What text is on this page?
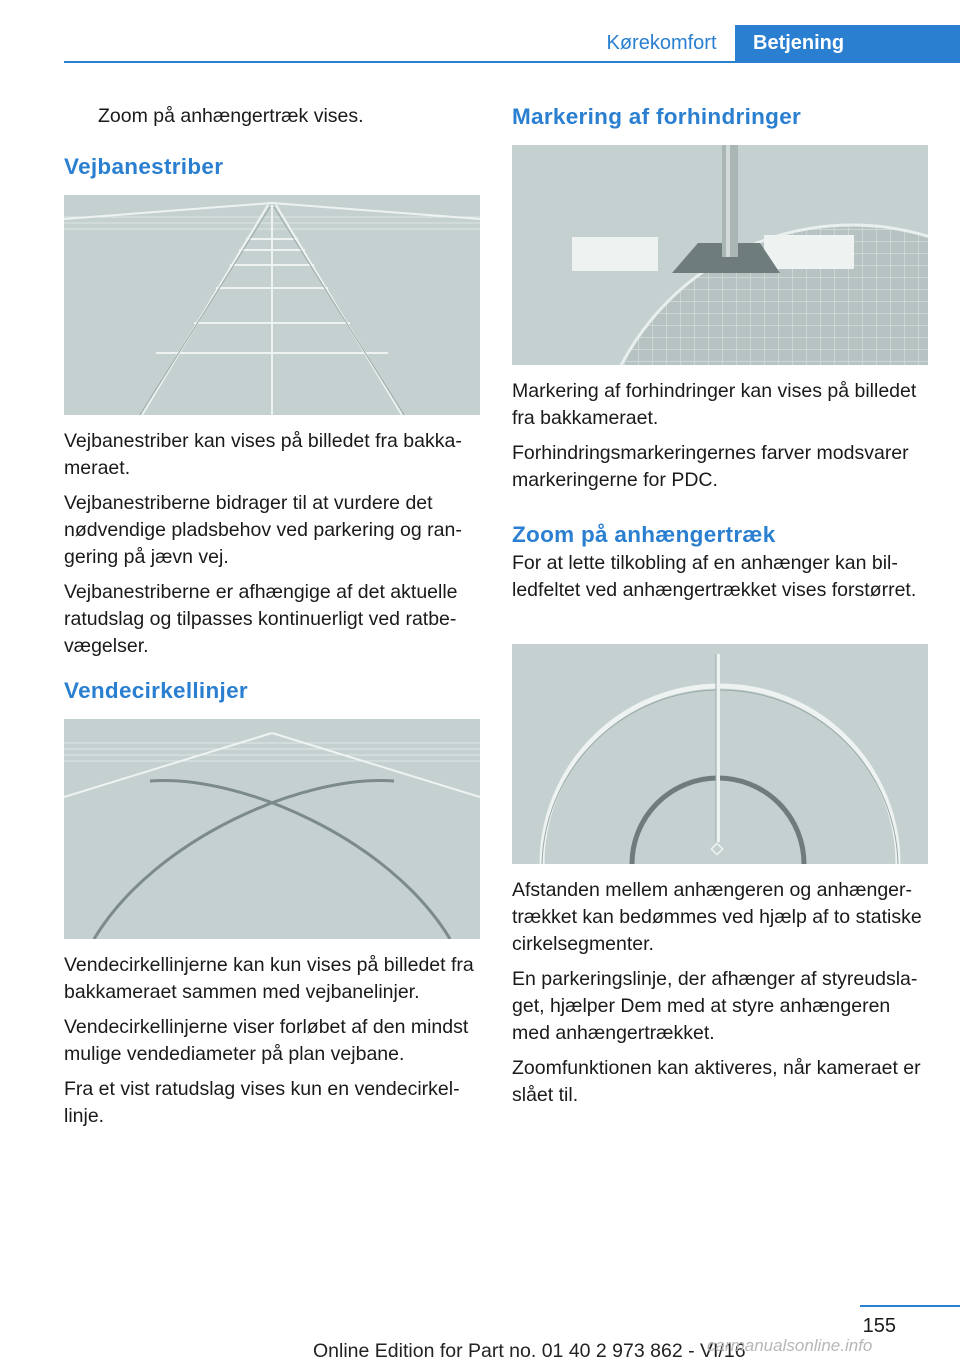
Kørekomfort	Betjening
Zoom på anhængertræk vises.
Vejbanestriber

Vejbanestriber kan vises på billedet fra bakkameraet.

Vejbanestriberne bidrager til at vurdere det nødvendige pladsbehov ved parkering og rangering på jævn vej.

Vejbanestriberne er afhængige af det aktuelle ratudslag og tilpasses kontinuerligt ved ratbevægelser.

Vendecirkellinjer

Vendecirkellinjerne kan kun vises på billedet fra bakkameraet sammen med vejbanelinjer.

Vendecirkellinjerne viser forløbet af den mindst mulige vendediameter på plan vejbane.

Fra et vist ratudslag vises kun en vendecirkellinje.

Markering af forhindringer

Markering af forhindringer kan vises på billedet fra bakkameraet.

Forhindringsmarkeringernes farver modsvarer markeringerne for PDC.

Zoom på anhængertræk

For at lette tilkobling af en anhænger kan billedfeltet ved anhængertrækket vises forstørret.

Afstanden mellem anhængeren og anhængertrækket kan bedømmes ved hjælp af to statiske cirkelsegmenter.

En parkeringslinje, der afhænger af styreudslaget, hjælper Dem med at styre anhængeren med anhængertrækket.

Zoomfunktionen kan aktiveres, når kameraet er slået til.

155
Online Edition for Part no. 01 40 2 973 862 - VI/16
carmanualsonline.info
